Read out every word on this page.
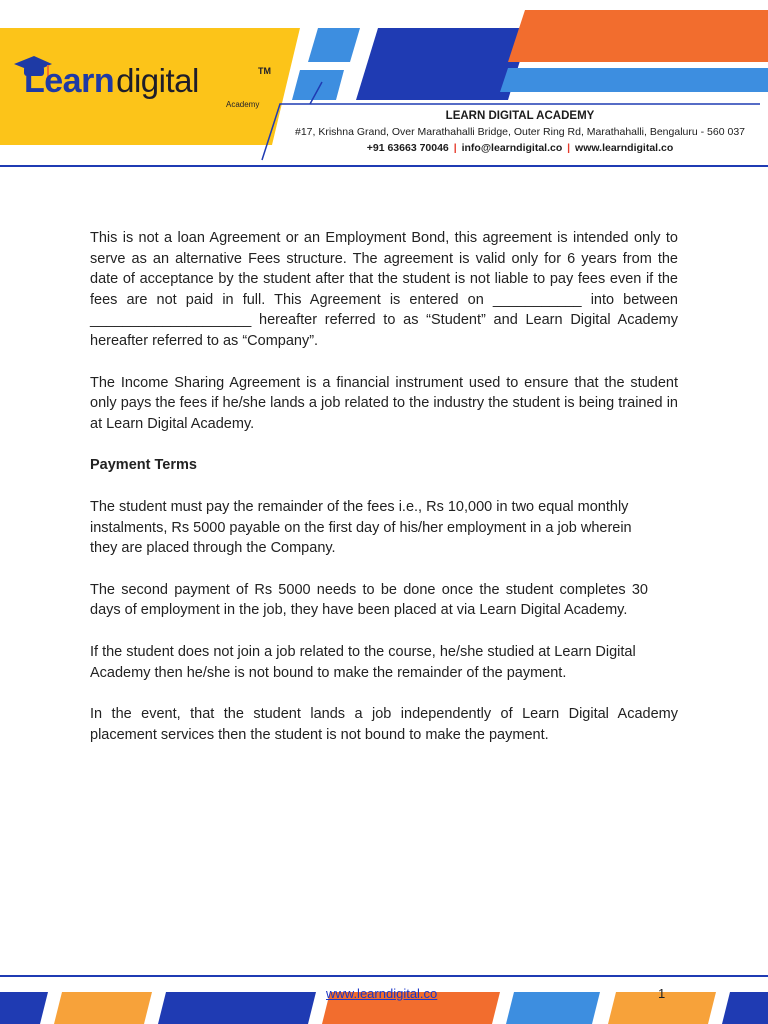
Learndigital	TM
Academy
LEARN DIGITAL ACADEMY
#17, Krishna Grand, Over Marathahalli Bridge, Outer Ring Rd, Marathahalli, Bengaluru - 560 037
+91 63663 70046 | info@learndigital.co | www.learndigital.co

This is not a loan Agreement or an Employment Bond, this agreement is intended only to serve as an alternative Fees structure. The agreement is valid only for 6 years from the date of acceptance by the student after that the student is not liable to pay fees even if the fees are not paid in full. This Agreement is entered on ___________ into between ____________________ hereafter referred to as “Student” and Learn Digital Academy hereafter referred to as “Company”.

The Income Sharing Agreement is a financial instrument used to ensure that the student only pays the fees if he/she lands a job related to the industry the student is being trained in at Learn Digital Academy.

Payment Terms

The student must pay the remainder of the fees i.e., Rs 10,000 in two equal monthly instalments, Rs 5000 payable on the first day of his/her employment in a job wherein they are placed through the Company.

The second payment of Rs 5000 needs to be done once the student completes 30 days of employment in the job, they have been placed at via Learn Digital Academy.

If the student does not join a job related to the course, he/she studied at Learn Digital Academy then he/she is not bound to make the remainder of the payment.

In the event, that the student lands a job independently of Learn Digital Academy placement services then the student is not bound to make the payment.

www.learndigital.co	1
